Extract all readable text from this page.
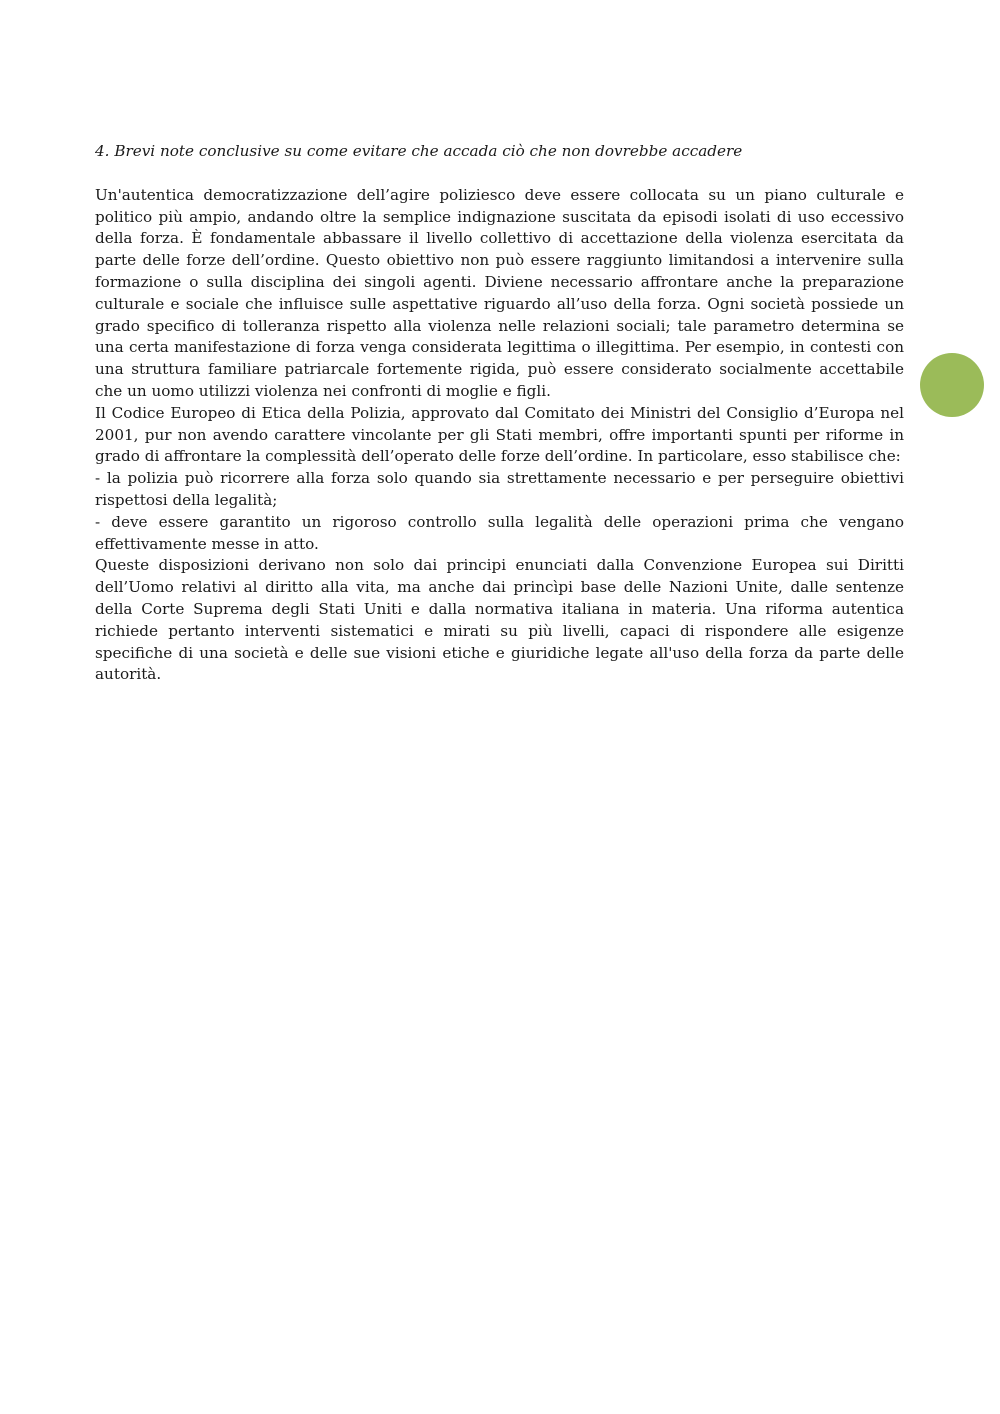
4. Brevi note conclusive su come evitare che accada ciò che non dovrebbe accadere

Un'autentica democratizzazione dell’agire poliziesco deve essere collocata su un piano culturale e politico più ampio, andando oltre la semplice indignazione suscitata da episodi isolati di uso eccessivo della forza. È fondamentale abbassare il livello collettivo di accettazione della violenza esercitata da parte delle forze dell’ordine. Questo obiettivo non può essere raggiunto limitandosi a intervenire sulla formazione o sulla disciplina dei singoli agenti. Diviene necessario affrontare anche la preparazione culturale e sociale che influisce sulle aspettative riguardo all’uso della forza. Ogni società possiede un grado specifico di tolleranza rispetto alla violenza nelle relazioni sociali; tale parametro determina se una certa manifestazione di forza venga considerata legittima o illegittima. Per esempio, in contesti con una struttura familiare patriarcale fortemente rigida, può essere considerato socialmente accettabile che un uomo utilizzi violenza nei confronti di moglie e figli.

Il Codice Europeo di Etica della Polizia, approvato dal Comitato dei Ministri del Consiglio d’Europa nel 2001, pur non avendo carattere vincolante per gli Stati membri, offre importanti spunti per riforme in grado di affrontare la complessità dell’operato delle forze dell’ordine. In particolare, esso stabilisce che:

- la polizia può ricorrere alla forza solo quando sia strettamente necessario e per perseguire obiettivi rispettosi della legalità;

- deve essere garantito un rigoroso controllo sulla legalità delle operazioni prima che vengano effettivamente messe in atto.

Queste disposizioni derivano non solo dai principi enunciati dalla Convenzione Europea sui Diritti dell’Uomo relativi al diritto alla vita, ma anche dai princìpi base delle Nazioni Unite, dalle sentenze della Corte Suprema degli Stati Uniti e dalla normativa italiana in materia. Una riforma autentica richiede pertanto interventi sistematici e mirati su più livelli, capaci di rispondere alle esigenze specifiche di una società e delle sue visioni etiche e giuridiche legate all'uso della forza da parte delle autorità.
